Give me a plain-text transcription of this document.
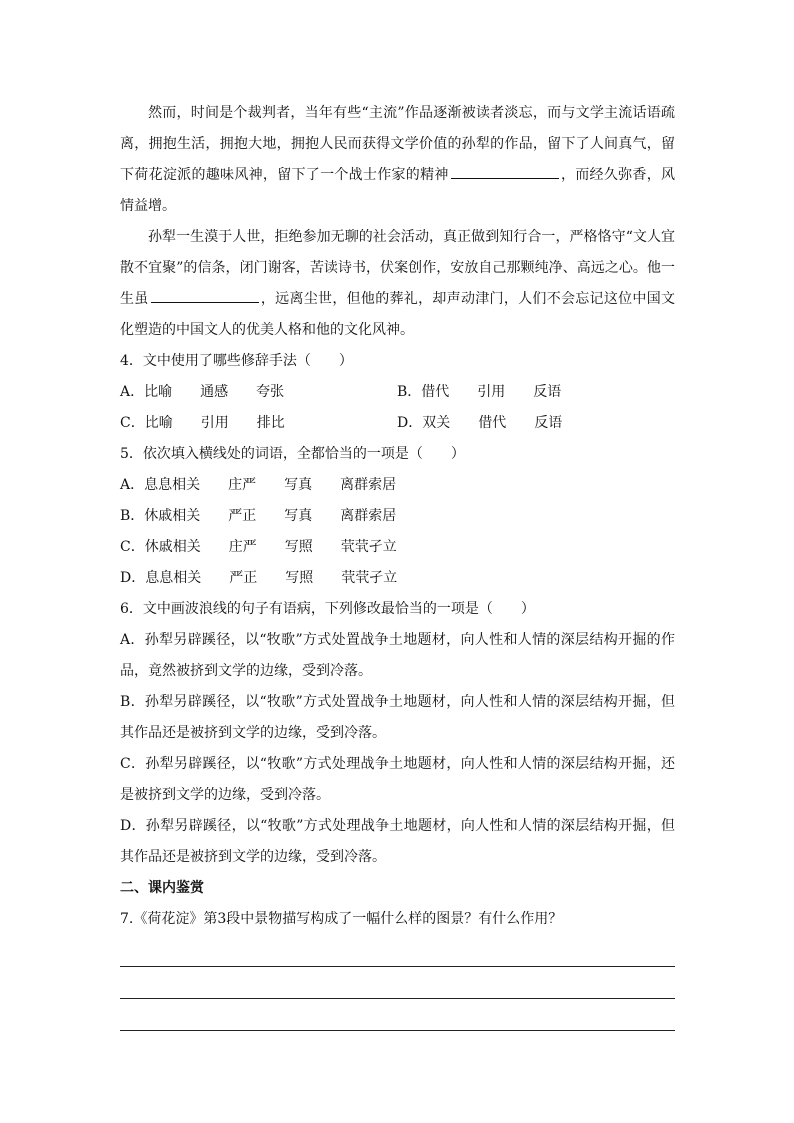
然而，时间是个裁判者，当年有些“主流”作品逐渐被读者淡忘，而与文学主流话语疏离，拥抱生活，拥抱大地，拥抱人民而获得文学价值的孙犁的作品，留下了人间真气，留下荷花淀派的趣味风神，留下了一个战士作家的精神	，而经久弥香，风情益增。

孙犁一生漠于人世，拒绝参加无聊的社会活动，真正做到知行合一，严格恪守“文人宜散不宜聚”的信条，闭门谢客，苦读诗书，伏案创作，安放自己那颗纯净、高远之心。他一生虽	，远离尘世，但他的葬礼，却声动津门，人们不会忘记这位中国文化塑造的中国文人的优美人格和他的文化风神。

4．文中使用了哪些修辞手法（　　）

A．比喻　　通感　　夸张	B．借代　　引用　　反语
C．比喻　　引用　　排比	D．双关　　借代　　反语

5．依次填入横线处的词语，全都恰当的一项是（　　）

A．息息相关　　庄严　　写真　　离群索居
B．休戚相关　　严正　　写真　　离群索居
C．休戚相关　　庄严　　写照　　茕茕孑立
D．息息相关　　严正　　写照　　茕茕孑立

6．文中画波浪线的句子有语病，下列修改最恰当的一项是（　　）

A．孙犁另辟蹊径，以“牧歌”方式处置战争土地题材，向人性和人情的深层结构开掘的作品，竟然被挤到文学的边缘，受到冷落。

B．孙犁另辟蹊径，以“牧歌”方式处置战争土地题材，向人性和人情的深层结构开掘，但其作品还是被挤到文学的边缘，受到冷落。

C．孙犁另辟蹊径，以“牧歌”方式处理战争土地题材，向人性和人情的深层结构开掘，还是被挤到文学的边缘，受到冷落。

D．孙犁另辟蹊径，以“牧歌”方式处理战争土地题材，向人性和人情的深层结构开掘，但其作品还是被挤到文学的边缘，受到冷落。

二、课内鉴赏

7.《荷花淀》第3段中景物描写构成了一幅什么样的图景？有什么作用？
